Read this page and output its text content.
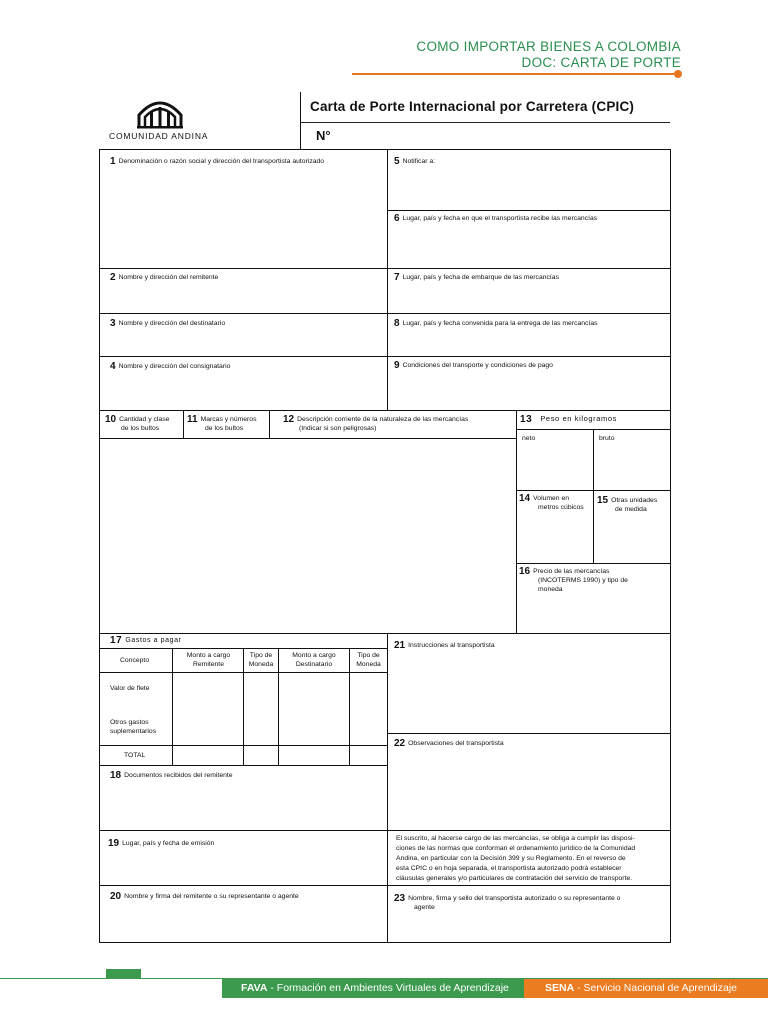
COMO IMPORTAR BIENES A COLOMBIA
DOC: CARTA DE PORTE
COMUNIDAD ANDINA
Carta de Porte Internacional por Carretera (CPIC)
N°
1 Denominación o razón social y dirección del transportista autorizado
2 Nombre y dirección del remitente
3 Nombre y dirección del destinatario
4 Nombre y dirección del consignatario
5 Notificar a:
6 Lugar, país y fecha en que el transportista recibe las mercancías
7 Lugar, país y fecha de embarque de las mercancías
8 Lugar, país y fecha convenida para la entrega de las mercancías
9 Condiciones del transporte y condiciones de pago
10 Cantidad y clase
de los bultos
11 Marcas y números
de los bultos
12 Descripción corriente de la naturaleza de las mercancías
(Indicar si son peligrosas)
13 Peso en kilogramos
neto	bruto
14 Volumen en
metros cúbicos
15 Otras unidades
de medida
16 Precio de las mercancías
(INCOTERMS 1990) y tipo de
moneda
17 Gastos a pagar
Concepto
Monto a cargo
Remitente
Tipo de
Moneda
Monto a cargo
Destinatario
Tipo de
Moneda
Valor de flete
Otros gastos
suplementarios
TOTAL
18 Documentos recibidos del remitente
19 Lugar, país y fecha de emisión
20 Nombre y firma del remitente o su representante o agente
21 Instrucciones al transportista
22 Observaciones del transportista
El suscrito, al hacerse cargo de las mercancías, se obliga a cumplir las disposi-
ciones de las normas que conforman el ordenamiento jurídico de la Comunidad
Andina, en particular con la Decisión 399 y su Reglamento. En el reverso de
esta CPIC o en hoja separada, el transportista autorizado podrá establecer
cláusulas generales y/o particulares de contratación del servicio de transporte.
23 Nombre, firma y sello del transportista autorizado o su representante o
agente
FAVA - Formación en Ambientes Virtuales de Aprendizaje	SENA - Servicio Nacional de Aprendizaje
